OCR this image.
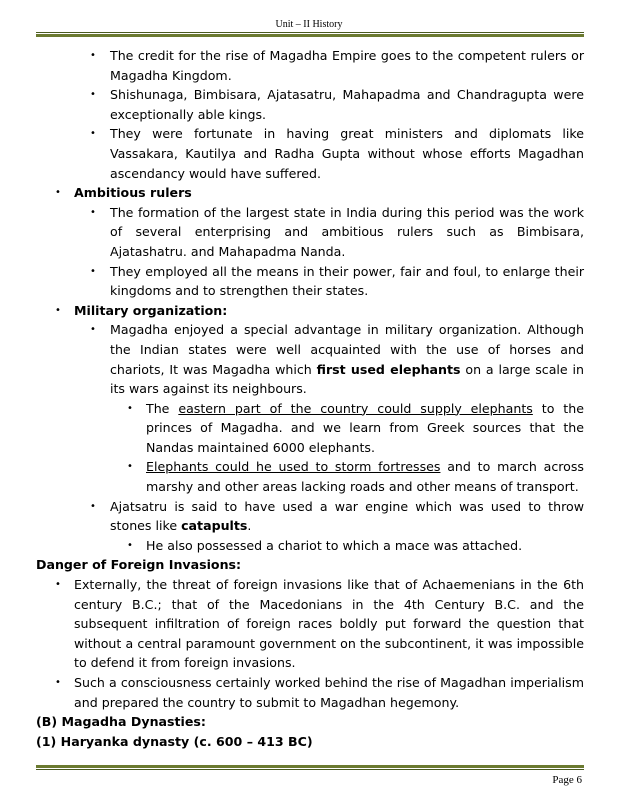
Unit – II History
• The credit for the rise of Magadha Empire goes to the competent rulers or Magadha Kingdom.
• Shishunaga, Bimbisara, Ajatasatru, Mahapadma and Chandragupta were exceptionally able kings.
• They were fortunate in having great ministers and diplomats like Vassakara, Kautilya and Radha Gupta without whose efforts Magadhan ascendancy would have suffered.
• Ambitious rulers
• The formation of the largest state in India during this period was the work of several enterprising and ambitious rulers such as Bimbisara, Ajatashatru. and Mahapadma Nanda.
• They employed all the means in their power, fair and foul, to enlarge their kingdoms and to strengthen their states.
• Military organization:
• Magadha enjoyed a special advantage in military organization. Although the Indian states were well acquainted with the use of horses and chariots, It was Magadha which first used elephants on a large scale in its wars against its neighbours.
• The eastern part of the country could supply elephants to the princes of Magadha. and we learn from Greek sources that the Nandas maintained 6000 elephants.
• Elephants could he used to storm fortresses and to march across marshy and other areas lacking roads and other means of transport.
• Ajatsatru is said to have used a war engine which was used to throw stones like catapults.
• He also possessed a chariot to which a mace was attached.
Danger of Foreign Invasions:
• Externally, the threat of foreign invasions like that of Achaemenians in the 6th century B.C.; that of the Macedonians in the 4th Century B.C. and the subsequent infiltration of foreign races boldly put forward the question that without a central paramount government on the subcontinent, it was impossible to defend it from foreign invasions.
• Such a consciousness certainly worked behind the rise of Magadhan imperialism and prepared the country to submit to Magadhan hegemony.
(B) Magadha Dynasties:
(1) Haryanka dynasty (c. 600 – 413 BC)
Page 6
